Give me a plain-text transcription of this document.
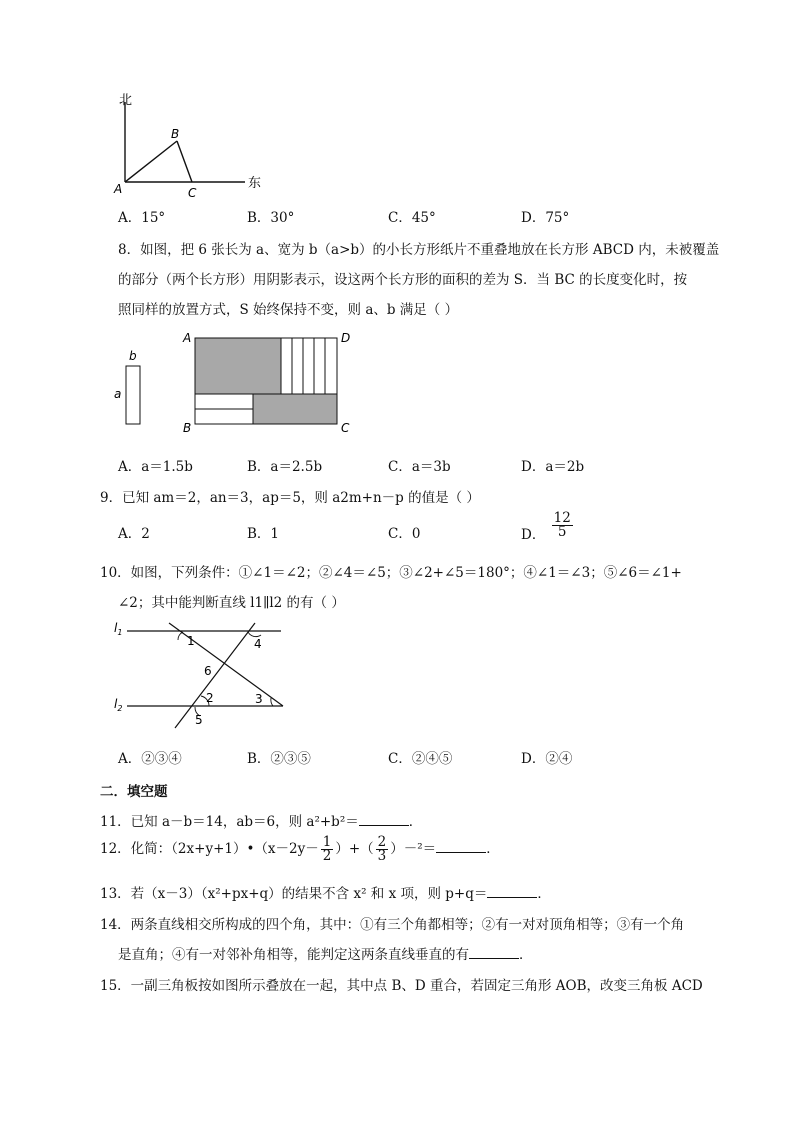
北
东
A
B
C
A．15°	B．30°	C．45°	D．75°
8．如图，把 6 张长为 a、宽为 b（a>b）的小长方形纸片不重叠地放在长方形 ABCD 内，未被覆盖
的部分（两个长方形）用阴影表示，设这两个长方形的面积的差为 S．当 BC 的长度变化时，按
照同样的放置方式，S 始终保持不变，则 a、b 满足（ ）
b
a
A	D
B	C
A．a＝1.5b	B．a＝2.5b	C．a＝3b	D．a＝2b
9．已知 am＝2，an＝3，ap＝5，则 a2m+n－p 的值是（ ）
A．2	B．1	C．0	D． $\frac{12}{5}$
10．如图，下列条件：①∠1＝∠2；②∠4＝∠5；③∠2+∠5＝180°；④∠1＝∠3；⑤∠6＝∠1+
∠2；其中能判断直线 l1∥l2 的有（ ）
$l_1$
$l_2$
1	4
6
2	3
5
A．②③④	B．②③⑤	C．②④⑤	D．②④
二．填空题
11．已知 a－b＝14，ab＝6，则 a²+b²＝	．
12．化简：（2x+y+1）•（x－2y－ $\frac{1}{2}$ ）+（ $\frac{2}{3} )-^2=$	．
13．若（x－3）（x²+px+q）的结果不含 x² 和 x 项，则 p+q＝	．
14．两条直线相交所构成的四个角，其中：①有三个角都相等；②有一对对顶角相等；③有一个角
是直角；④有一对邻补角相等，能判定这两条直线垂直的有	．
15．一副三角板按如图所示叠放在一起，其中点 B、D 重合，若固定三角形 AOB，改变三角板 ACD
